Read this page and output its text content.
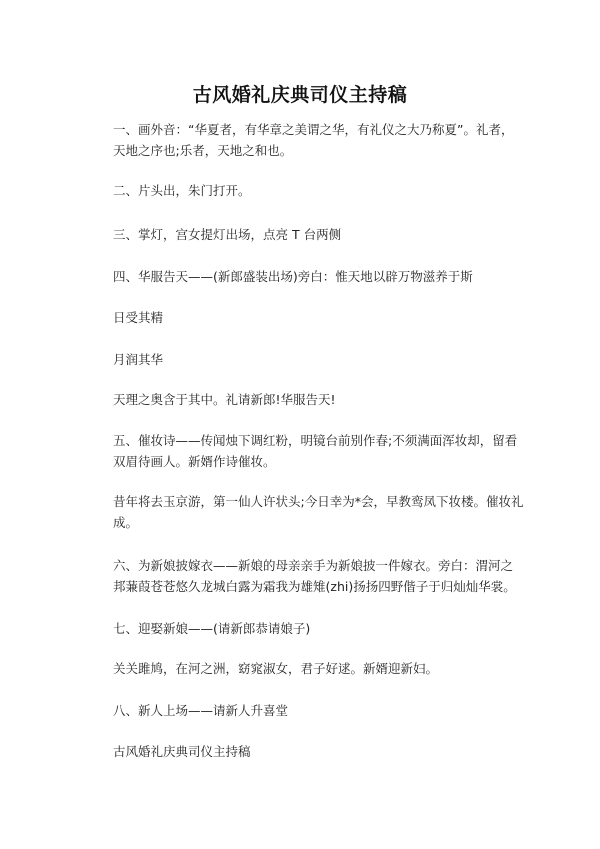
古风婚礼庆典司仪主持稿

一、画外音：“华夏者，有华章之美谓之华，有礼仪之大乃称夏”。礼者，
天地之序也;乐者，天地之和也。

二、片头出，朱门打开。

三、掌灯，宫女提灯出场，点亮 T 台两侧

四、华服告天——(新郎盛装出场)旁白：惟天地以辟万物滋养于斯

日受其精

月润其华

天理之奥含于其中。礼请新郎!华服告天!

五、催妆诗——传闻烛下调红粉，明镜台前别作春;不须满面浑妆却，留看
双眉待画人。新婿作诗催妆。

昔年将去玉京游，第一仙人许状头;今日幸为*会，早教鸾凤下妆楼。催妆礼
成。

六、为新娘披嫁衣——新娘的母亲亲手为新娘披一件嫁衣。旁白：渭河之
邦蒹葭苍苍悠久龙城白露为霜我为雄雉(zhi)扬扬四野偕子于归灿灿华裳。

七、迎娶新娘——(请新郎恭请娘子)

关关雎鸠，在河之洲，窈窕淑女，君子好逑。新婿迎新妇。

八、新人上场——请新人升喜堂

古风婚礼庆典司仪主持稿
